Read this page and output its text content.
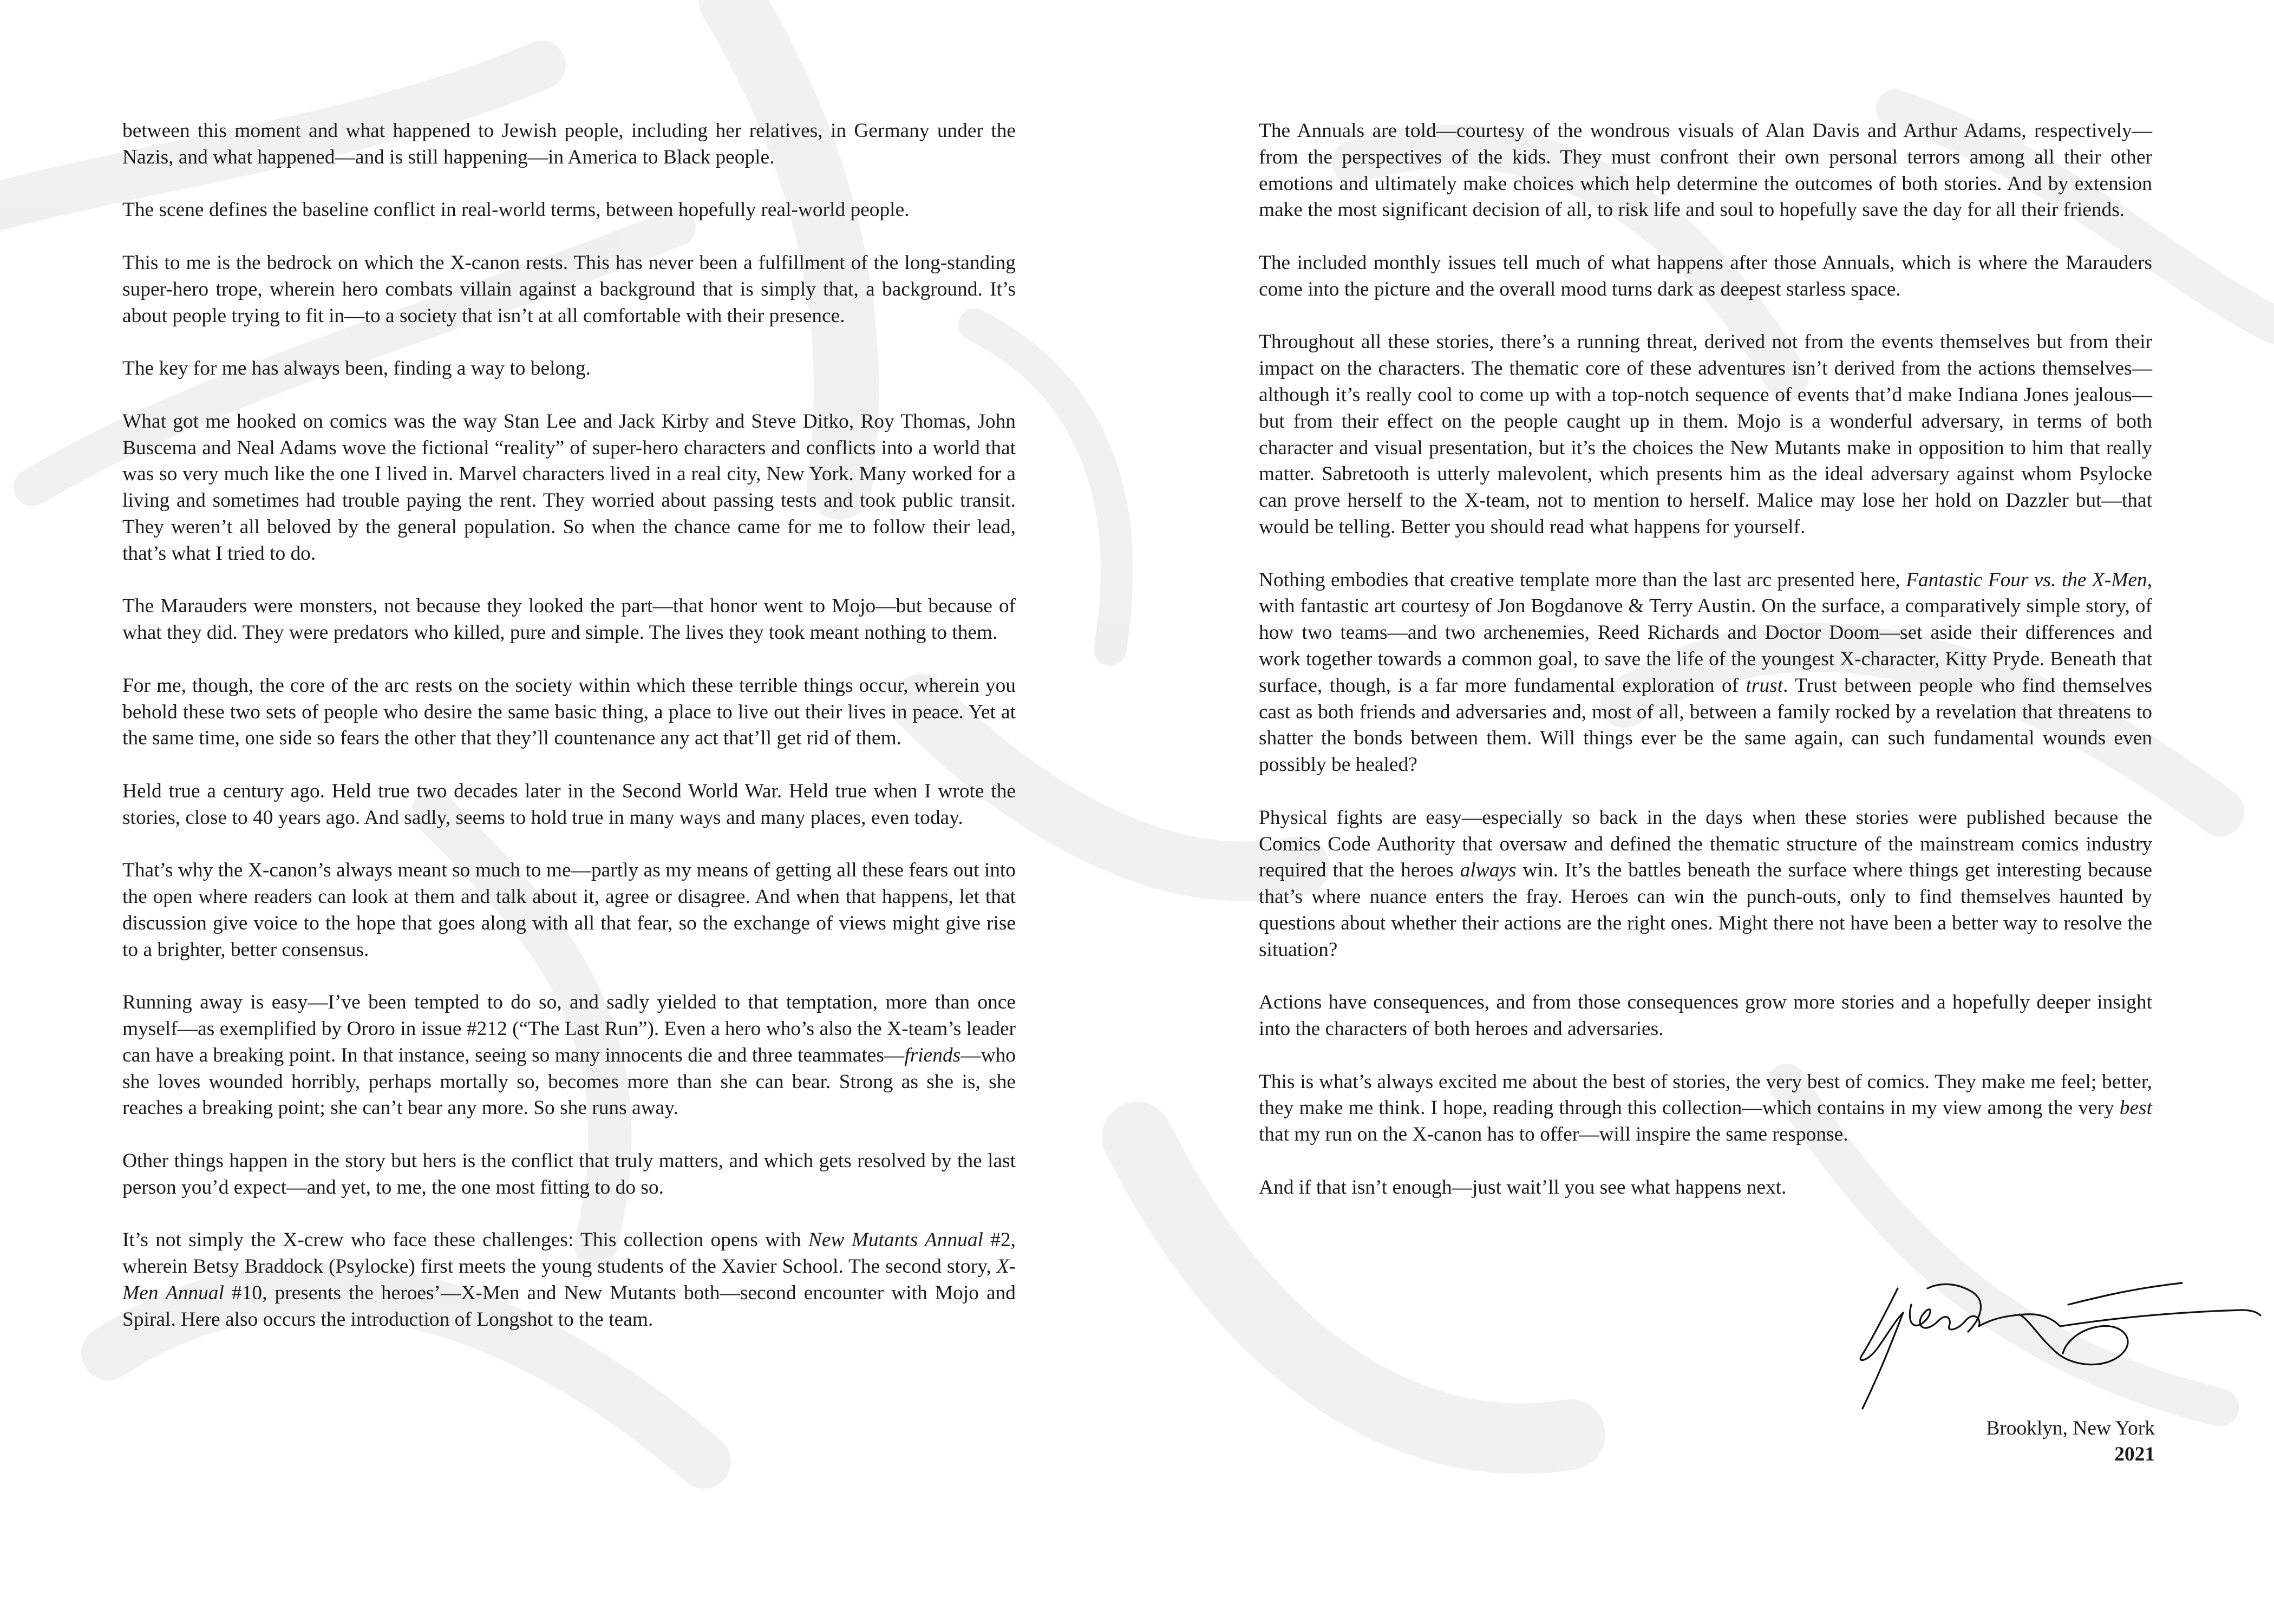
between this moment and what happened to Jewish people, including her relatives, in Germany under the Nazis, and what happened—and is still happening—in America to Black people.

The scene defines the baseline conflict in real-world terms, between hopefully real-world people.

This to me is the bedrock on which the X-canon rests. This has never been a fulfillment of the long-standing super-hero trope, wherein hero combats villain against a background that is simply that, a background. It’s about people trying to fit in—to a society that isn’t at all comfortable with their presence.

The key for me has always been, finding a way to belong.

What got me hooked on comics was the way Stan Lee and Jack Kirby and Steve Ditko, Roy Thomas, John Buscema and Neal Adams wove the fictional “reality” of super-hero characters and conflicts into a world that was so very much like the one I lived in. Marvel characters lived in a real city, New York. Many worked for a living and sometimes had trouble paying the rent. They worried about passing tests and took public transit. They weren’t all beloved by the general population. So when the chance came for me to follow their lead, that’s what I tried to do.

The Marauders were monsters, not because they looked the part—that honor went to Mojo—but because of what they did. They were predators who killed, pure and simple. The lives they took meant nothing to them.

For me, though, the core of the arc rests on the society within which these terrible things occur, wherein you behold these two sets of people who desire the same basic thing, a place to live out their lives in peace. Yet at the same time, one side so fears the other that they’ll countenance any act that’ll get rid of them.

Held true a century ago. Held true two decades later in the Second World War. Held true when I wrote the stories, close to 40 years ago. And sadly, seems to hold true in many ways and many places, even today.

That’s why the X-canon’s always meant so much to me—partly as my means of getting all these fears out into the open where readers can look at them and talk about it, agree or disagree. And when that happens, let that discussion give voice to the hope that goes along with all that fear, so the exchange of views might give rise to a brighter, better consensus.

Running away is easy—I’ve been tempted to do so, and sadly yielded to that temptation, more than once myself—as exemplified by Ororo in issue #212 (“The Last Run”). Even a hero who’s also the X-team’s leader can have a breaking point. In that instance, seeing so many innocents die and three teammates—friends—who she loves wounded horribly, perhaps mortally so, becomes more than she can bear. Strong as she is, she reaches a breaking point; she can’t bear any more. So she runs away.

Other things happen in the story but hers is the conflict that truly matters, and which gets resolved by the last person you’d expect—and yet, to me, the one most fitting to do so.

It’s not simply the X-crew who face these challenges: This collection opens with New Mutants Annual #2, wherein Betsy Braddock (Psylocke) first meets the young students of the Xavier School. The second story, X-Men Annual #10, presents the heroes’—X-Men and New Mutants both—second encounter with Mojo and Spiral. Here also occurs the introduction of Longshot to the team.

The Annuals are told—courtesy of the wondrous visuals of Alan Davis and Arthur Adams, respectively—from the perspectives of the kids. They must confront their own personal terrors among all their other emotions and ultimately make choices which help determine the outcomes of both stories. And by extension make the most significant decision of all, to risk life and soul to hopefully save the day for all their friends.

The included monthly issues tell much of what happens after those Annuals, which is where the Marauders come into the picture and the overall mood turns dark as deepest starless space.

Throughout all these stories, there’s a running threat, derived not from the events themselves but from their impact on the characters. The thematic core of these adventures isn’t derived from the actions themselves—although it’s really cool to come up with a top-notch sequence of events that’d make Indiana Jones jealous—but from their effect on the people caught up in them. Mojo is a wonderful adversary, in terms of both character and visual presentation, but it’s the choices the New Mutants make in opposition to him that really matter. Sabretooth is utterly malevolent, which presents him as the ideal adversary against whom Psylocke can prove herself to the X-team, not to mention to herself. Malice may lose her hold on Dazzler but—that would be telling. Better you should read what happens for yourself.

Nothing embodies that creative template more than the last arc presented here, Fantastic Four vs. the X-Men, with fantastic art courtesy of Jon Bogdanove & Terry Austin. On the surface, a comparatively simple story, of how two teams—and two archenemies, Reed Richards and Doctor Doom—set aside their differences and work together towards a common goal, to save the life of the youngest X-character, Kitty Pryde. Beneath that surface, though, is a far more fundamental exploration of trust. Trust between people who find themselves cast as both friends and adversaries and, most of all, between a family rocked by a revelation that threatens to shatter the bonds between them. Will things ever be the same again, can such fundamental wounds even possibly be healed?

Physical fights are easy—especially so back in the days when these stories were published because the Comics Code Authority that oversaw and defined the thematic structure of the mainstream comics industry required that the heroes always win. It’s the battles beneath the surface where things get interesting because that’s where nuance enters the fray. Heroes can win the punch-outs, only to find themselves haunted by questions about whether their actions are the right ones. Might there not have been a better way to resolve the situation?

Actions have consequences, and from those consequences grow more stories and a hopefully deeper insight into the characters of both heroes and adversaries.

This is what’s always excited me about the best of stories, the very best of comics. They make me feel; better, they make me think. I hope, reading through this collection—which contains in my view among the very best that my run on the X-canon has to offer—will inspire the same response.

And if that isn’t enough—just wait’ll you see what happens next.

Brooklyn, New York
2021
